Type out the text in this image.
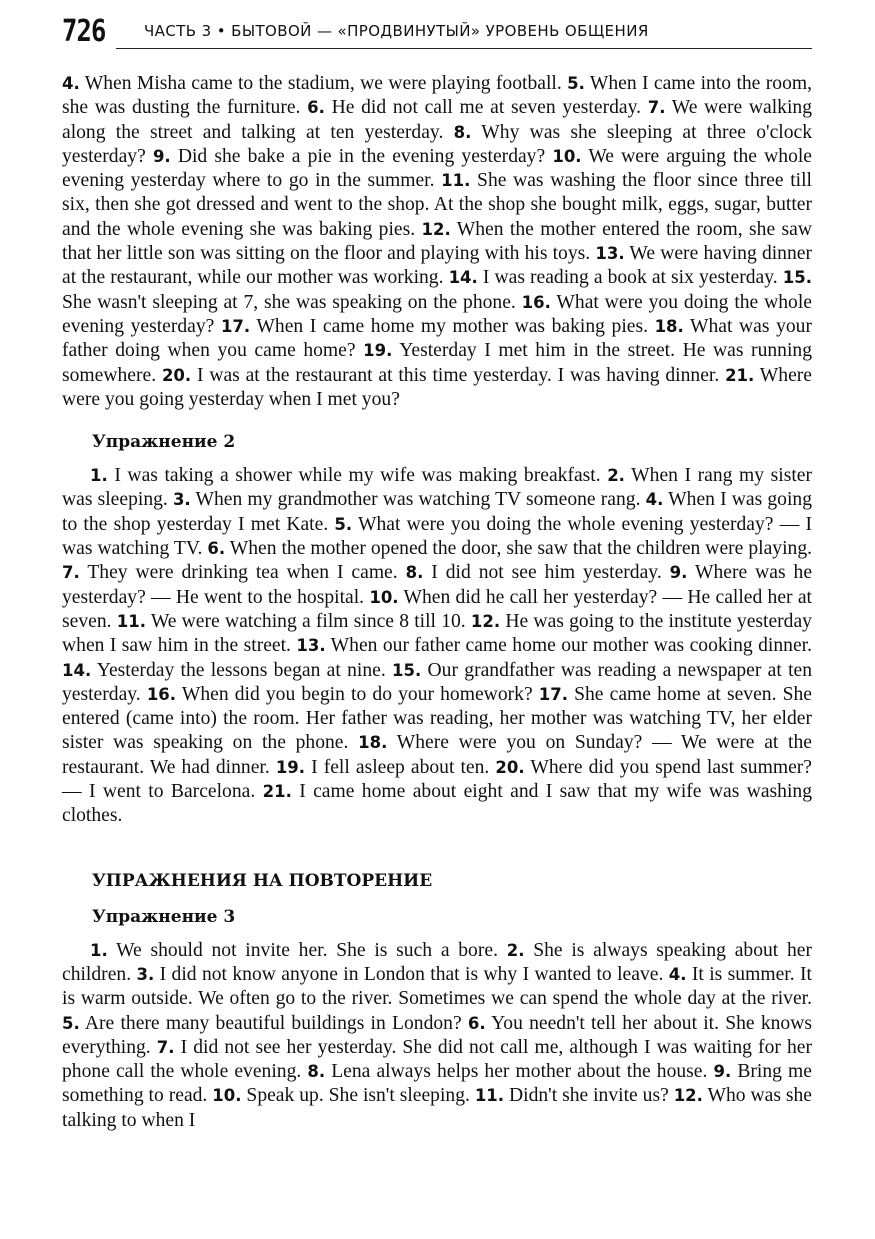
726	ЧАСТЬ 3 • БЫТОВОЙ — «ПРОДВИНУТЫЙ» УРОВЕНЬ ОБЩЕНИЯ

4. When Misha came to the stadium, we were playing football. 5. When I came into the room, she was dusting the furniture. 6. He did not call me at seven yesterday. 7. We were walking along the street and talking at ten yesterday. 8. Why was she sleeping at three o'clock yesterday? 9. Did she bake a pie in the evening yesterday? 10. We were arguing the whole evening yesterday where to go in the summer. 11. She was washing the floor since three till six, then she got dressed and went to the shop. At the shop she bought milk, eggs, sugar, butter and the whole evening she was baking pies. 12. When the mother entered the room, she saw that her little son was sitting on the floor and playing with his toys. 13. We were having dinner at the restaurant, while our mother was working. 14. I was reading a book at six yesterday. 15. She wasn't sleeping at 7, she was speaking on the phone. 16. What were you doing the whole evening yesterday? 17. When I came home my mother was baking pies. 18. What was your father doing when you came home? 19. Yesterday I met him in the street. He was running somewhere. 20. I was at the restaurant at this time yesterday. I was having dinner. 21. Where were you going yesterday when I met you?

Упражнение 2

1. I was taking a shower while my wife was making breakfast. 2. When I rang my sister was sleeping. 3. When my grandmother was watching TV someone rang. 4. When I was going to the shop yesterday I met Kate. 5. What were you doing the whole evening yesterday? — I was watching TV. 6. When the mother opened the door, she saw that the children were playing. 7. They were drinking tea when I came. 8. I did not see him yesterday. 9. Where was he yesterday? — He went to the hospital. 10. When did he call her yesterday? — He called her at seven. 11. We were watching a film since 8 till 10. 12. He was going to the institute yesterday when I saw him in the street. 13. When our father came home our mother was cooking dinner. 14. Yesterday the lessons began at nine. 15. Our grandfather was reading a newspaper at ten yesterday. 16. When did you begin to do your homework? 17. She came home at seven. She entered (came into) the room. Her father was reading, her mother was watching TV, her elder sister was speaking on the phone. 18. Where were you on Sunday? — We were at the restaurant. We had dinner. 19. I fell asleep about ten. 20. Where did you spend last summer? — I went to Barcelona. 21. I came home about eight and I saw that my wife was washing clothes.

УПРАЖНЕНИЯ НА ПОВТОРЕНИЕ

Упражнение 3

1. We should not invite her. She is such a bore. 2. She is always speaking about her children. 3. I did not know anyone in London that is why I wanted to leave. 4. It is summer. It is warm outside. We often go to the river. Sometimes we can spend the whole day at the river. 5. Are there many beautiful buildings in London? 6. You needn't tell her about it. She knows everything. 7. I did not see her yesterday. She did not call me, although I was waiting for her phone call the whole evening. 8. Lena always helps her mother about the house. 9. Bring me something to read. 10. Speak up. She isn't sleeping. 11. Didn't she invite us? 12. Who was she talking to when I
